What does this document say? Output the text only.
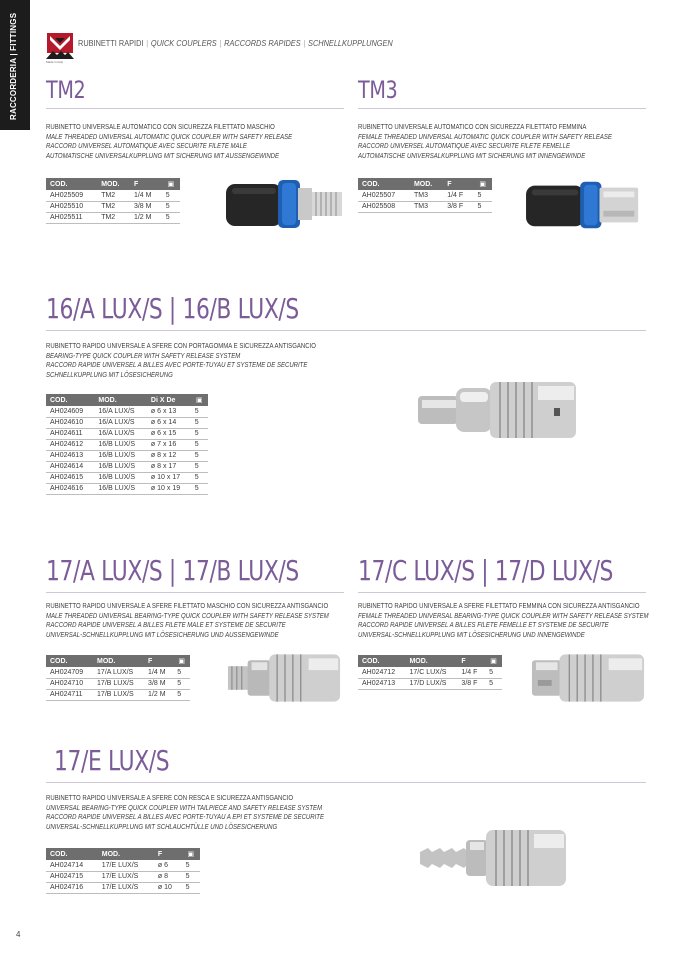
RACCORDERIA | FITTINGS	Made in Italy
RUBINETTI RAPIDI | QUICK COUPLERS | RACCORDS RAPIDES | SCHNELLKUPPLUNGEN
TM2
RUBINETTO UNIVERSALE AUTOMATICO CON SICUREZZA FILETTATO MASCHIO
MALE THREADED UNIVERSAL AUTOMATIC QUICK COUPLER WITH SAFETY RELEASE
RACCORD UNIVERSEL AUTOMATIQUE AVEC SECURITE FILETE MALE
AUTOMATISCHE UNIVERSALKUPPLUNG MIT SICHERUNG MIT AUSSENGEWINDE
COD.	MOD.	F	▣
AH025509	TM2	1/4 M	5
AH025510	TM2	3/8 M	5
AH025511	TM2	1/2 M	5
TM3
RUBINETTO UNIVERSALE AUTOMATICO CON SICUREZZA FILETTATO FEMMINA
FEMALE THREADED UNIVERSAL AUTOMATIC QUICK COUPLER WITH SAFETY RELEASE
RACCORD UNIVERSEL AUTOMATIQUE AVEC SECURITE FILETE FEMELLE
AUTOMATISCHE UNIVERSALKUPPLUNG MIT SICHERUNG MIT INNENGEWINDE
COD.	MOD.	F	▣
AH025507	TM3	1/4 F	5
AH025508	TM3	3/8 F	5
16/A LUX/S | 16/B LUX/S
RUBINETTO RAPIDO UNIVERSALE A SFERE CON PORTAGOMMA E SICUREZZA ANTISGANCIO
BEARING-TYPE QUICK COUPLER WITH SAFETY RELEASE SYSTEM
RACCORD RAPIDE UNIVERSEL A BILLES AVEC PORTE-TUYAU ET SYSTEME DE SECURITE
SCHNELLKUPPLUNG MIT LÖSESICHERUNG
COD.	MOD.	Di X De	▣
AH024609	16/A LUX/S	ø 6 x 13	5
AH024610	16/A LUX/S	ø 6 x 14	5
AH024611	16/A LUX/S	ø 6 x 15	5
AH024612	16/B LUX/S	ø 7 x 16	5
AH024613	16/B LUX/S	ø 8 x 12	5
AH024614	16/B LUX/S	ø 8 x 17	5
AH024615	16/B LUX/S	ø 10 x 17	5
AH024616	16/B LUX/S	ø 10 x 19	5
17/A LUX/S | 17/B LUX/S
RUBINETTO RAPIDO UNIVERSALE A SFERE FILETTATO MASCHIO CON SICUREZZA ANTISGANCIO
MALE THREADED UNIVERSAL BEARING-TYPE QUICK COUPLER WITH SAFETY RELEASE SYSTEM
RACCORD RAPIDE UNIVERSEL A BILLES FILETE MALE ET SYSTEME DE SECURITE
UNIVERSAL-SCHNELLKUPPLUNG MIT LÖSESICHERUNG UND AUSSENGEWINDE
COD.	MOD.	F	▣
AH024709	17/A LUX/S	1/4 M	5
AH024710	17/B LUX/S	3/8 M	5
AH024711	17/B LUX/S	1/2 M	5
17/C LUX/S | 17/D LUX/S
RUBINETTO RAPIDO UNIVERSALE A SFERE FILETTATO FEMMINA CON SICUREZZA ANTISGANCIO
FEMALE THREADED UNIVERSAL BEARING-TYPE QUICK COUPLER WITH SAFETY RELEASE SYSTEM
RACCORD RAPIDE UNIVERSEL A BILLES FILETE FEMELLE ET SYSTEME DE SECURITE
UNIVERSAL-SCHNELLKUPPLUNG MIT LÖSESICHERUNG UND INNENGEWINDE
COD.	MOD.	F	▣
AH024712	17/C LUX/S	1/4 F	5
AH024713	17/D LUX/S	3/8 F	5
17/E LUX/S
RUBINETTO RAPIDO UNIVERSALE A SFERE CON RESCA E SICUREZZA ANTISGANCIO
UNIVERSAL BEARING-TYPE QUICK COUPLER WITH TAILPIECE AND SAFETY RELEASE SYSTEM
RACCORD RAPIDE UNIVERSEL A BILLES AVEC PORTE-TUYAU A EPI ET SYSTEME DE SECURITE
UNIVERSAL-SCHNELLKUPPLUNG MIT SCHLAUCHTÜLLE UND LÖSESICHERUNG
COD.	MOD.	F	▣
AH024714	17/E LUX/S	ø 6	5
AH024715	17/E LUX/S	ø 8	5
AH024716	17/E LUX/S	ø 10	5
4
